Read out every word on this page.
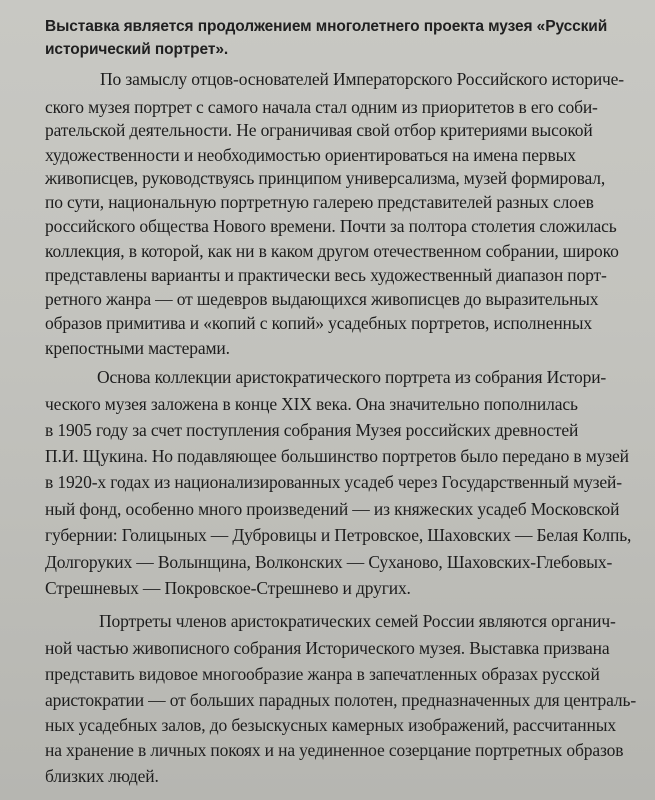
Выставка является продолжением многолетнего проекта музея «Русский
исторический портрет».
По замыслу отцов-основателей Императорского Российского историче-
ского музея портрет с самого начала стал одним из приоритетов в его соби-
рательской деятельности. Не ограничивая свой отбор критериями высокой
художественности и необходимостью ориентироваться на имена первых
живописцев, руководствуясь принципом универсализма, музей формировал,
по сути, национальную портретную галерею представителей разных слоев
российского общества Нового времени. Почти за полтора столетия сложилась
коллекция, в которой, как ни в каком другом отечественном собрании, широко
представлены варианты и практически весь художественный диапазон порт-
ретного жанра — от шедевров выдающихся живописцев до выразительных
образов примитива и «копий с копий» усадебных портретов, исполненных
крепостными мастерами.
Основа коллекции аристократического портрета из собрания Истори-
ческого музея заложена в конце XIX века. Она значительно пополнилась
в 1905 году за счет поступления собрания Музея российских древностей
П.И. Щукина. Но подавляющее большинство портретов было передано в музей
в 1920-х годах из национализированных усадеб через Государственный музей-
ный фонд, особенно много произведений — из княжеских усадеб Московской
губернии: Голицыных — Дубровицы и Петровское, Шаховских — Белая Колпь,
Долгоруких — Волынщина, Волконских — Суханово, Шаховских-Глебовых-
Стрешневых — Покровское-Стрешнево и других.
Портреты членов аристократических семей России являются органич-
ной частью живописного собрания Исторического музея. Выставка призвана
представить видовое многообразие жанра в запечатленных образах русской
аристократии — от больших парадных полотен, предназначенных для централь-
ных усадебных залов, до безыскусных камерных изображений, рассчитанных
на хранение в личных покоях и на уединенное созерцание портретных образов
близких людей.
